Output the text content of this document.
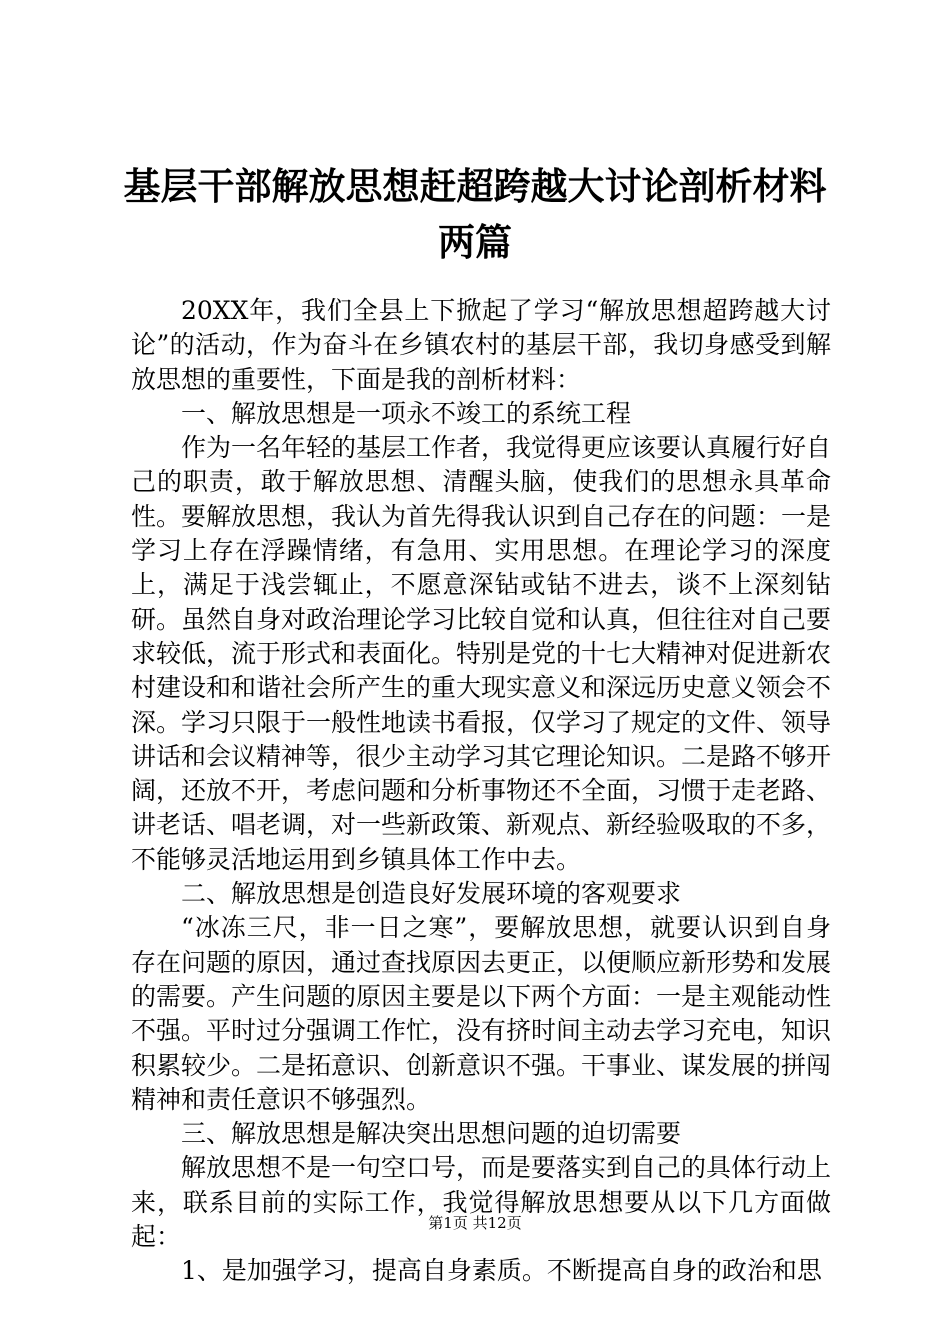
基层干部解放思想赶超跨越大讨论剖析材料两篇

20XX年，我们全县上下掀起了学习“解放思想超跨越大讨论”的活动，作为奋斗在乡镇农村的基层干部，我切身感受到解放思想的重要性，下面是我的剖析材料：

一、解放思想是一项永不竣工的系统工程

作为一名年轻的基层工作者，我觉得更应该要认真履行好自己的职责，敢于解放思想、清醒头脑，使我们的思想永具革命性。要解放思想，我认为首先得我认识到自己存在的问题：一是学习上存在浮躁情绪，有急用、实用思想。在理论学习的深度上，满足于浅尝辄止，不愿意深钻或钻不进去，谈不上深刻钻研。虽然自身对政治理论学习比较自觉和认真，但往往对自己要求较低，流于形式和表面化。特别是党的十七大精神对促进新农村建设和和谐社会所产生的重大现实意义和深远历史意义领会不深。学习只限于一般性地读书看报，仅学习了规定的文件、领导讲话和会议精神等，很少主动学习其它理论知识。二是路不够开阔，还放不开，考虑问题和分析事物还不全面，习惯于走老路、讲老话、唱老调，对一些新政策、新观点、新经验吸取的不多，不能够灵活地运用到乡镇具体工作中去。

二、解放思想是创造良好发展环境的客观要求

“冰冻三尺，非一日之寒”，要解放思想，就要认识到自身存在问题的原因，通过查找原因去更正，以便顺应新形势和发展的需要。产生问题的原因主要是以下两个方面：一是主观能动性不强。平时过分强调工作忙，没有挤时间主动去学习充电，知识积累较少。二是拓意识、创新意识不强。干事业、谋发展的拼闯精神和责任意识不够强烈。

三、解放思想是解决突出思想问题的迫切需要

解放思想不是一句空口号，而是要落实到自己的具体行动上来，联系目前的实际工作，我觉得解放思想要从以下几方面做起：

1、是加强学习，提高自身素质。不断提高自身的政治和思

第1页 共12页
